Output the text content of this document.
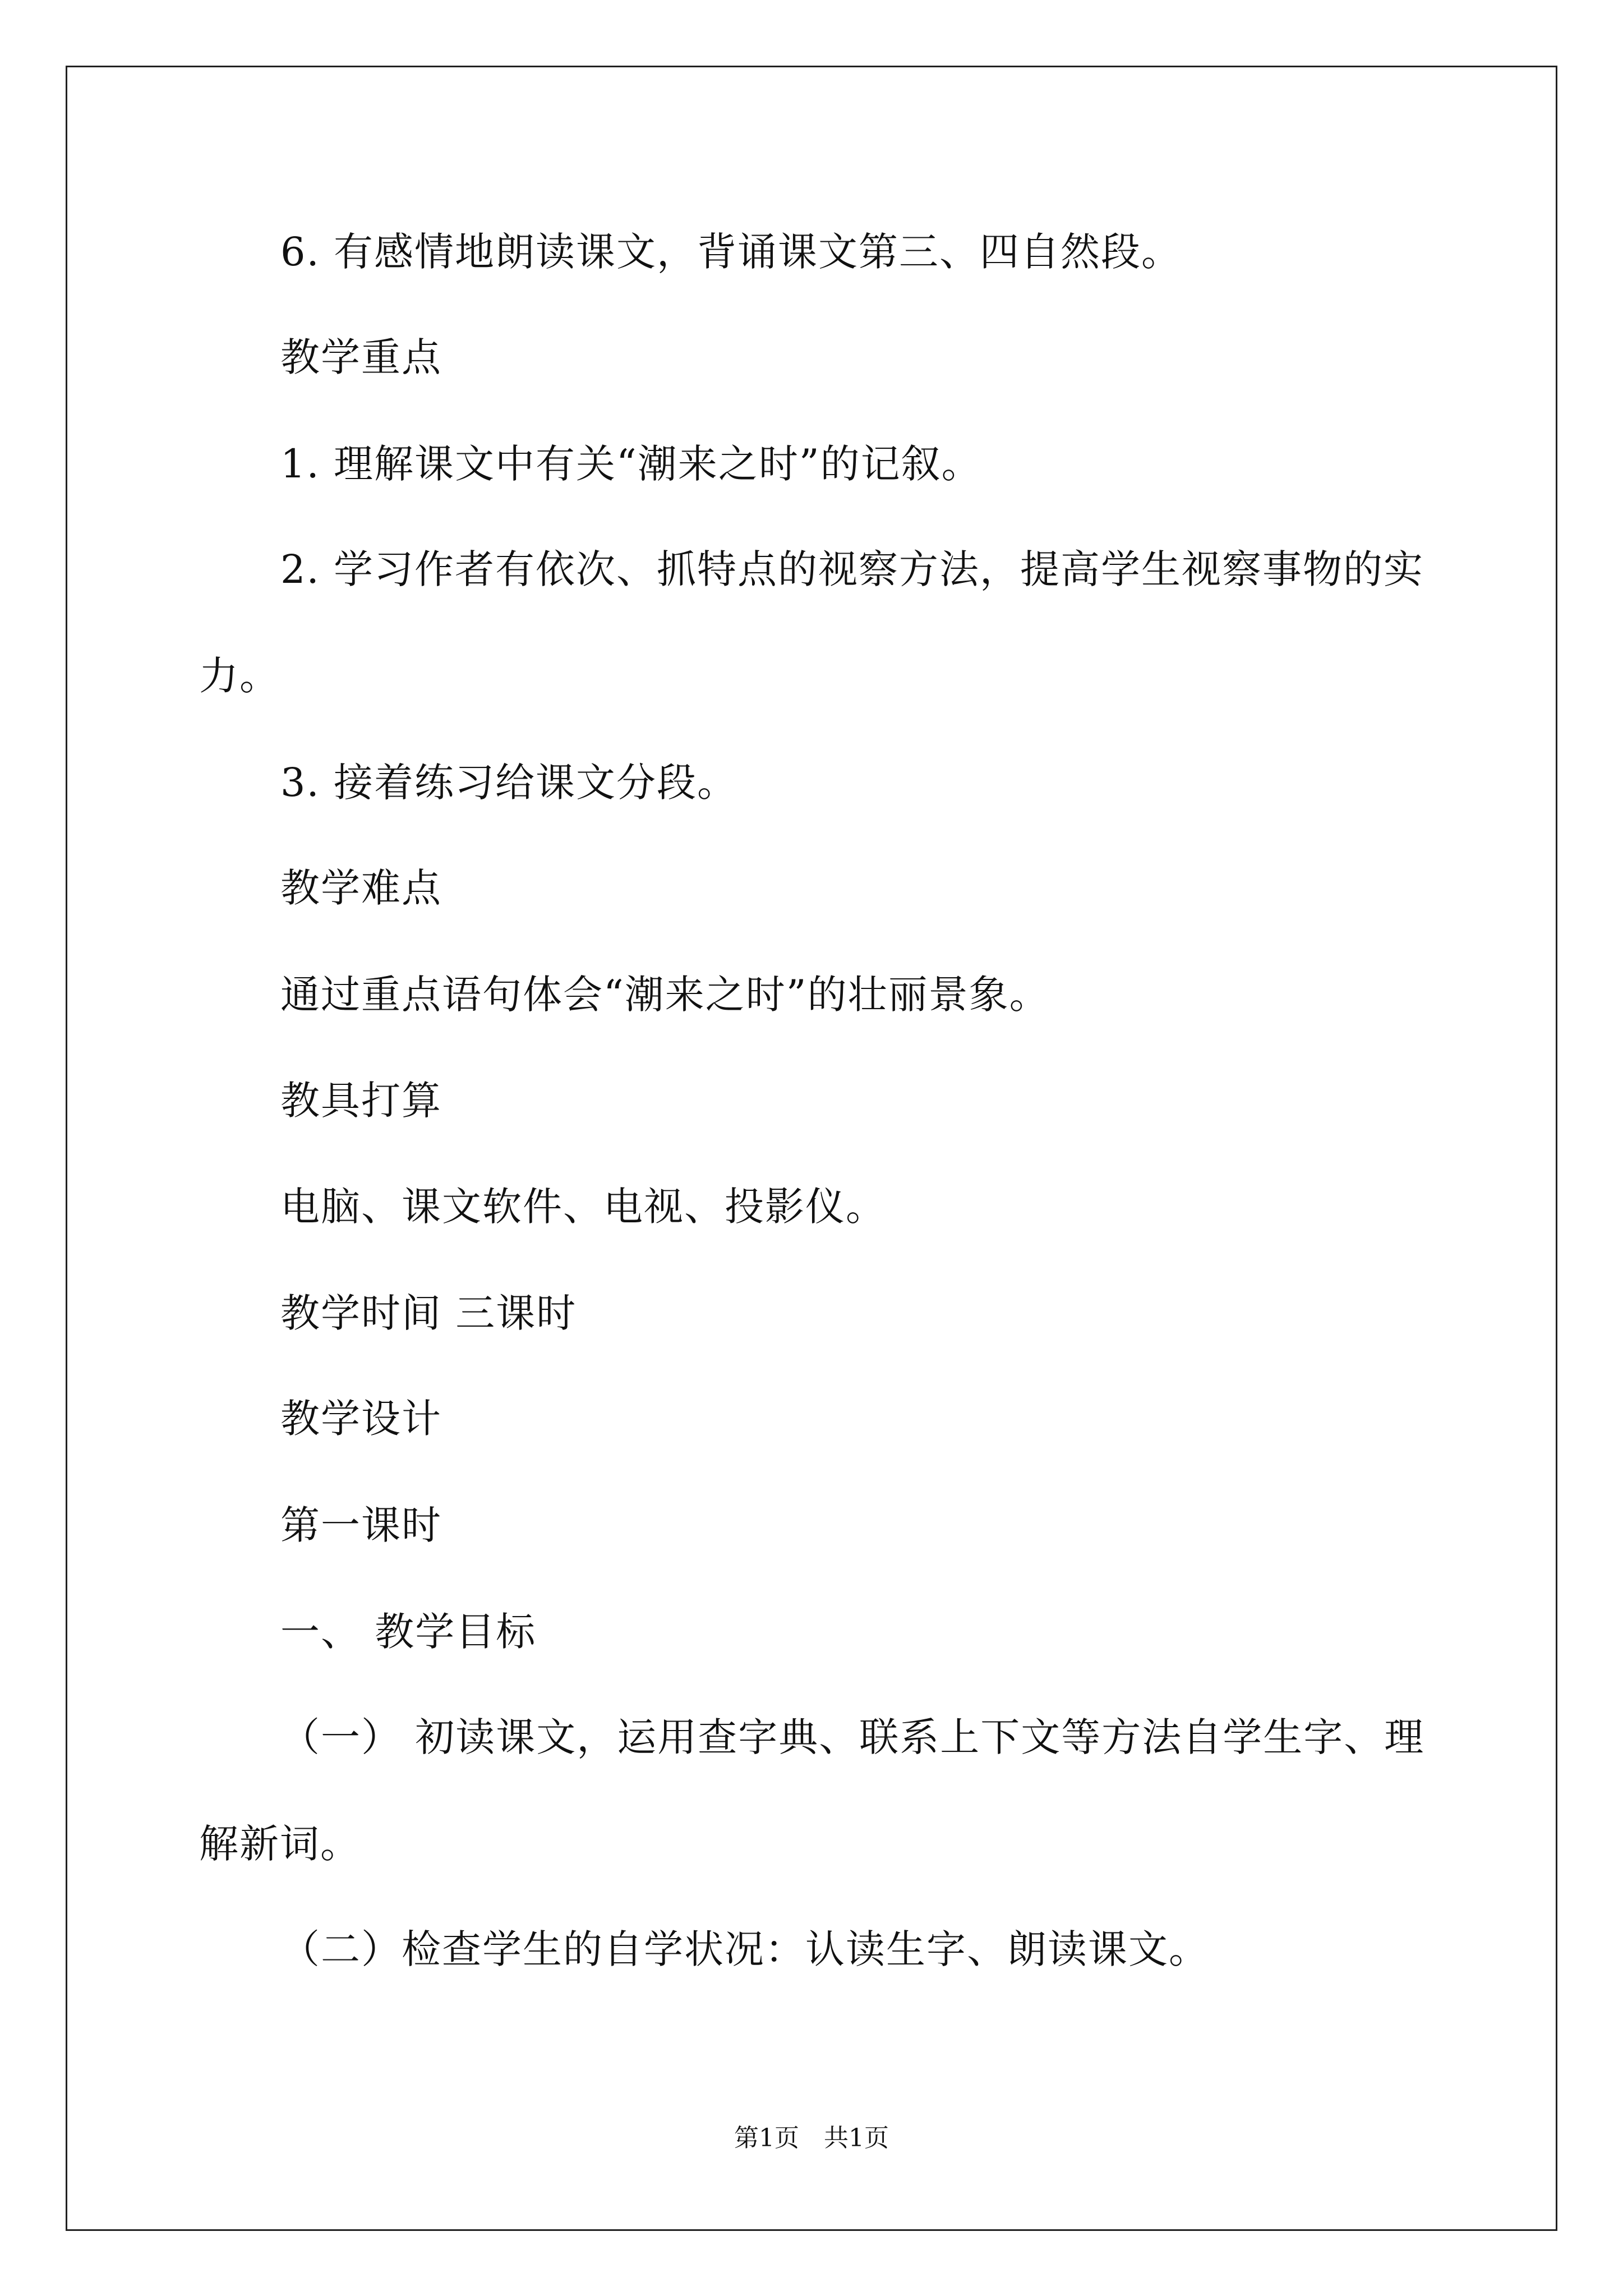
6. 有感情地朗读课文，背诵课文第三、四自然段。
教学重点
1. 理解课文中有关“潮来之时”的记叙。
2. 学习作者有依次、抓特点的视察方法，提高学生视察事物的实
力。
3. 接着练习给课文分段。
教学难点
通过重点语句体会“潮来之时”的壮丽景象。
教具打算
电脑、课文软件、电视、投影仪。
教学时间 三课时
教学设计
第一课时
一、 教学目标
（一） 初读课文，运用查字典、联系上下文等方法自学生字、理
解新词。
（二）检查学生的自学状况：认读生字、朗读课文。
第1页　共1页
